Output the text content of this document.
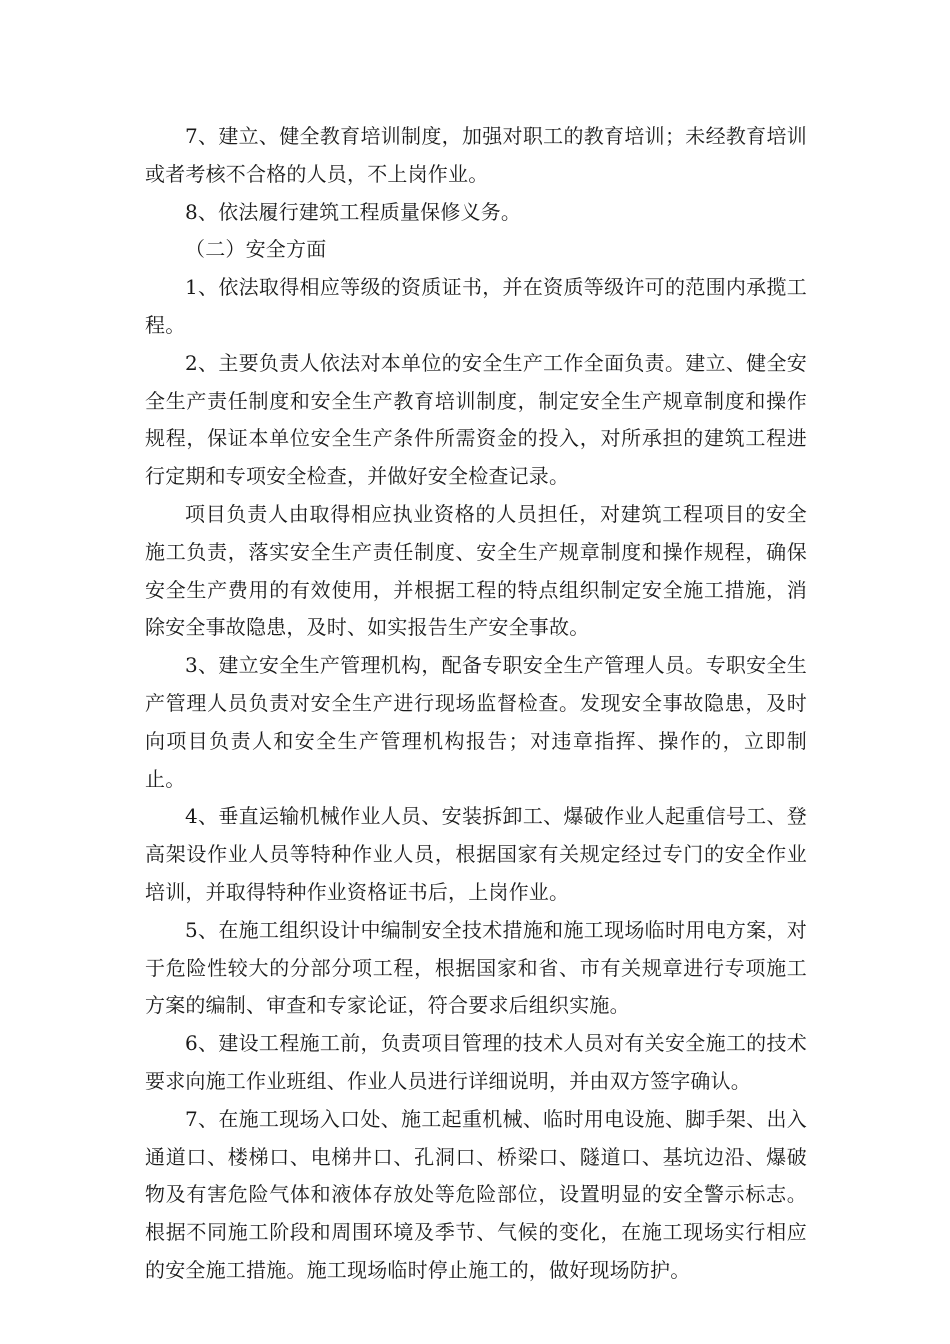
7、建立、健全教育培训制度，加强对职工的教育培训；未经教育培训或者考核不合格的人员，不上岗作业。

8、依法履行建筑工程质量保修义务。

（二）安全方面

1、依法取得相应等级的资质证书，并在资质等级许可的范围内承揽工程。

2、主要负责人依法对本单位的安全生产工作全面负责。建立、健全安全生产责任制度和安全生产教育培训制度，制定安全生产规章制度和操作规程，保证本单位安全生产条件所需资金的投入，对所承担的建筑工程进行定期和专项安全检查，并做好安全检查记录。

项目负责人由取得相应执业资格的人员担任，对建筑工程项目的安全施工负责，落实安全生产责任制度、安全生产规章制度和操作规程，确保安全生产费用的有效使用，并根据工程的特点组织制定安全施工措施，消除安全事故隐患，及时、如实报告生产安全事故。

3、建立安全生产管理机构，配备专职安全生产管理人员。专职安全生产管理人员负责对安全生产进行现场监督检查。发现安全事故隐患，及时向项目负责人和安全生产管理机构报告；对违章指挥、操作的，立即制止。

4、垂直运输机械作业人员、安装拆卸工、爆破作业人起重信号工、登高架设作业人员等特种作业人员，根据国家有关规定经过专门的安全作业培训，并取得特种作业资格证书后，上岗作业。

5、在施工组织设计中编制安全技术措施和施工现场临时用电方案，对于危险性较大的分部分项工程，根据国家和省、市有关规章进行专项施工方案的编制、审查和专家论证，符合要求后组织实施。

6、建设工程施工前，负责项目管理的技术人员对有关安全施工的技术要求向施工作业班组、作业人员进行详细说明，并由双方签字确认。

7、在施工现场入口处、施工起重机械、临时用电设施、脚手架、出入通道口、楼梯口、电梯井口、孔洞口、桥梁口、隧道口、基坑边沿、爆破物及有害危险气体和液体存放处等危险部位，设置明显的安全警示标志。根据不同施工阶段和周围环境及季节、气候的变化，在施工现场实行相应的安全施工措施。施工现场临时停止施工的，做好现场防护。
